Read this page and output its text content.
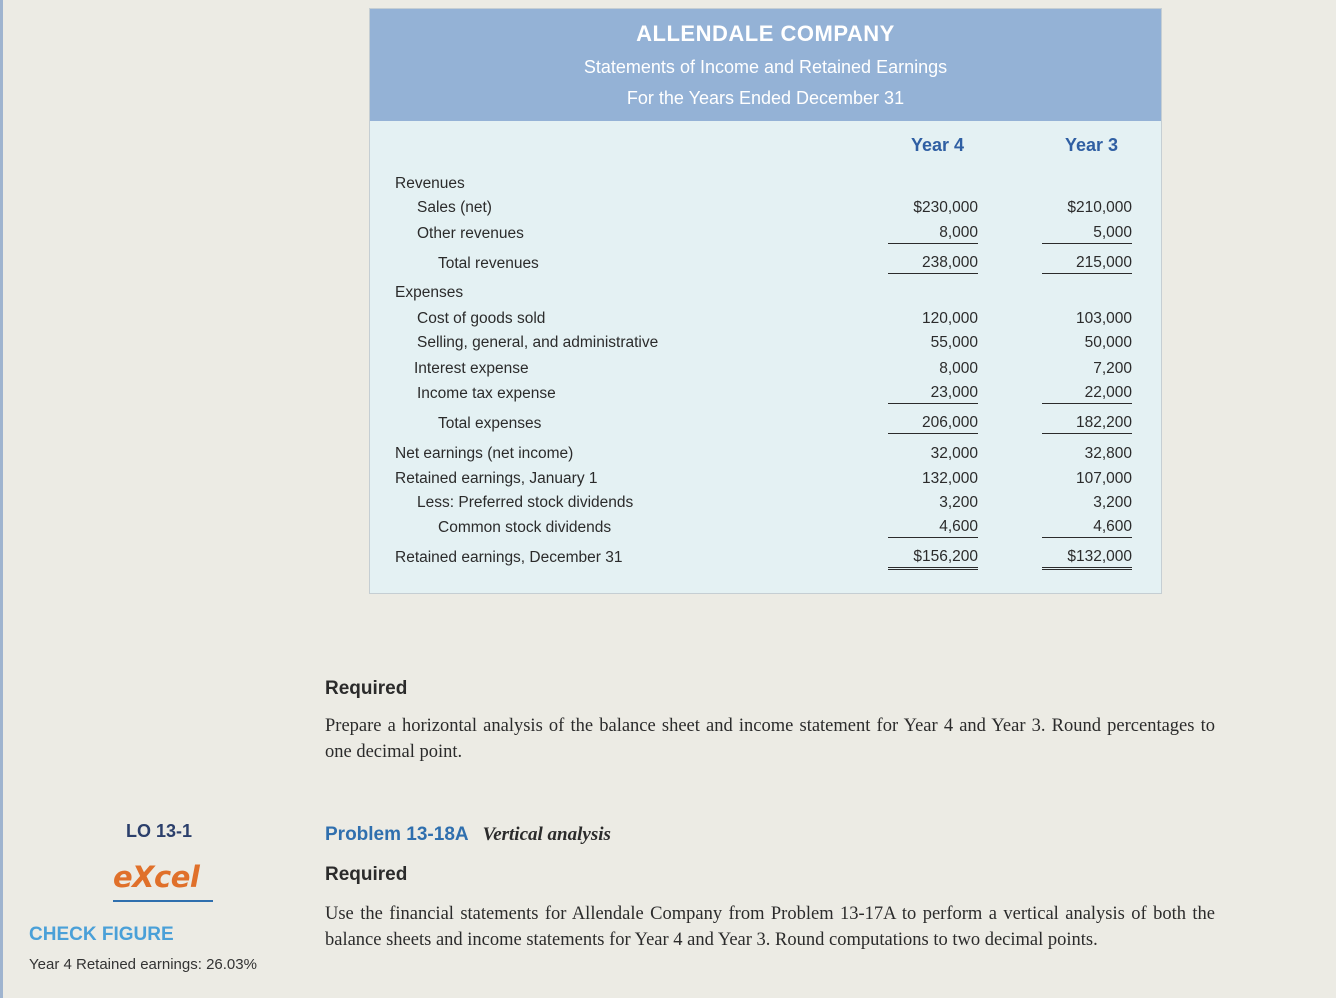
ALLENDALE COMPANY
Statements of Income and Retained Earnings
For the Years Ended December 31
Year 4	Year 3
Revenues
Sales (net)	$230,000	$210,000
Other revenues	8,000	5,000
Total revenues	238,000	215,000
Expenses
Cost of goods sold	120,000	103,000
Selling, general, and administrative	55,000	50,000
Interest expense	8,000	7,200
Income tax expense	23,000	22,000
Total expenses	206,000	182,200
Net earnings (net income)	32,000	32,800
Retained earnings, January 1	132,000	107,000
Less: Preferred stock dividends	3,200	3,200
Common stock dividends	4,600	4,600
Retained earnings, December 31	$156,200	$132,000
Required
Prepare a horizontal analysis of the balance sheet and income statement for Year 4 and Year 3. Round percentages to one decimal point.
LO 13-1
eXcel
CHECK FIGURE
Year 4 Retained earnings: 26.03%
Problem 13-18A Vertical analysis
Required
Use the financial statements for Allendale Company from Problem 13-17A to perform a vertical analysis of both the balance sheets and income statements for Year 4 and Year 3. Round computations to two decimal points.
